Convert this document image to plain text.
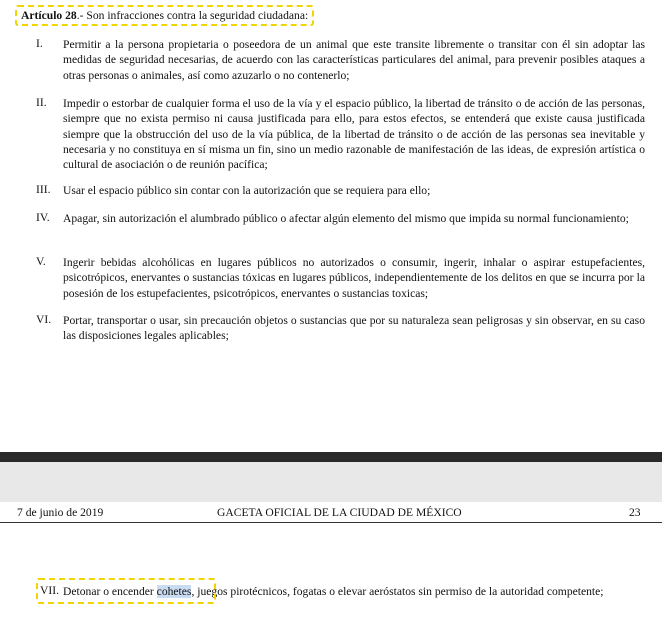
Artículo 28.- Son infracciones contra la seguridad ciudadana:
I. Permitir a la persona propietaria o poseedora de un animal que este transite libremente o transitar con él sin adoptar las medidas de seguridad necesarias, de acuerdo con las características particulares del animal, para prevenir posibles ataques a otras personas o animales, así como azuzarlo o no contenerlo;
II. Impedir o estorbar de cualquier forma el uso de la vía y el espacio público, la libertad de tránsito o de acción de las personas, siempre que no exista permiso ni causa justificada para ello, para estos efectos, se entenderá que existe causa justificada siempre que la obstrucción del uso de la vía pública, de la libertad de tránsito o de acción de las personas sea inevitable y necesaria y no constituya en sí misma un fin, sino un medio razonable de manifestación de las ideas, de expresión artística o cultural de asociación o de reunión pacífica;
III. Usar el espacio público sin contar con la autorización que se requiera para ello;
IV. Apagar, sin autorización el alumbrado público o afectar algún elemento del mismo que impida su normal funcionamiento;
V. Ingerir bebidas alcohólicas en lugares públicos no autorizados o consumir, ingerir, inhalar o aspirar estupefacientes, psicotrópicos, enervantes o sustancias tóxicas en lugares públicos, independientemente de los delitos en que se incurra por la posesión de los estupefacientes, psicotrópicos, enervantes o sustancias toxicas;
VI. Portar, transportar o usar, sin precaución objetos o sustancias que por su naturaleza sean peligrosas y sin observar, en su caso las disposiciones legales aplicables;
7 de junio de 2019	GACETA OFICIAL DE LA CIUDAD DE MÉXICO	23
VII. Detonar o encender cohetes, juegos pirotécnicos, fogatas o elevar aeróstatos sin permiso de la autoridad competente;
